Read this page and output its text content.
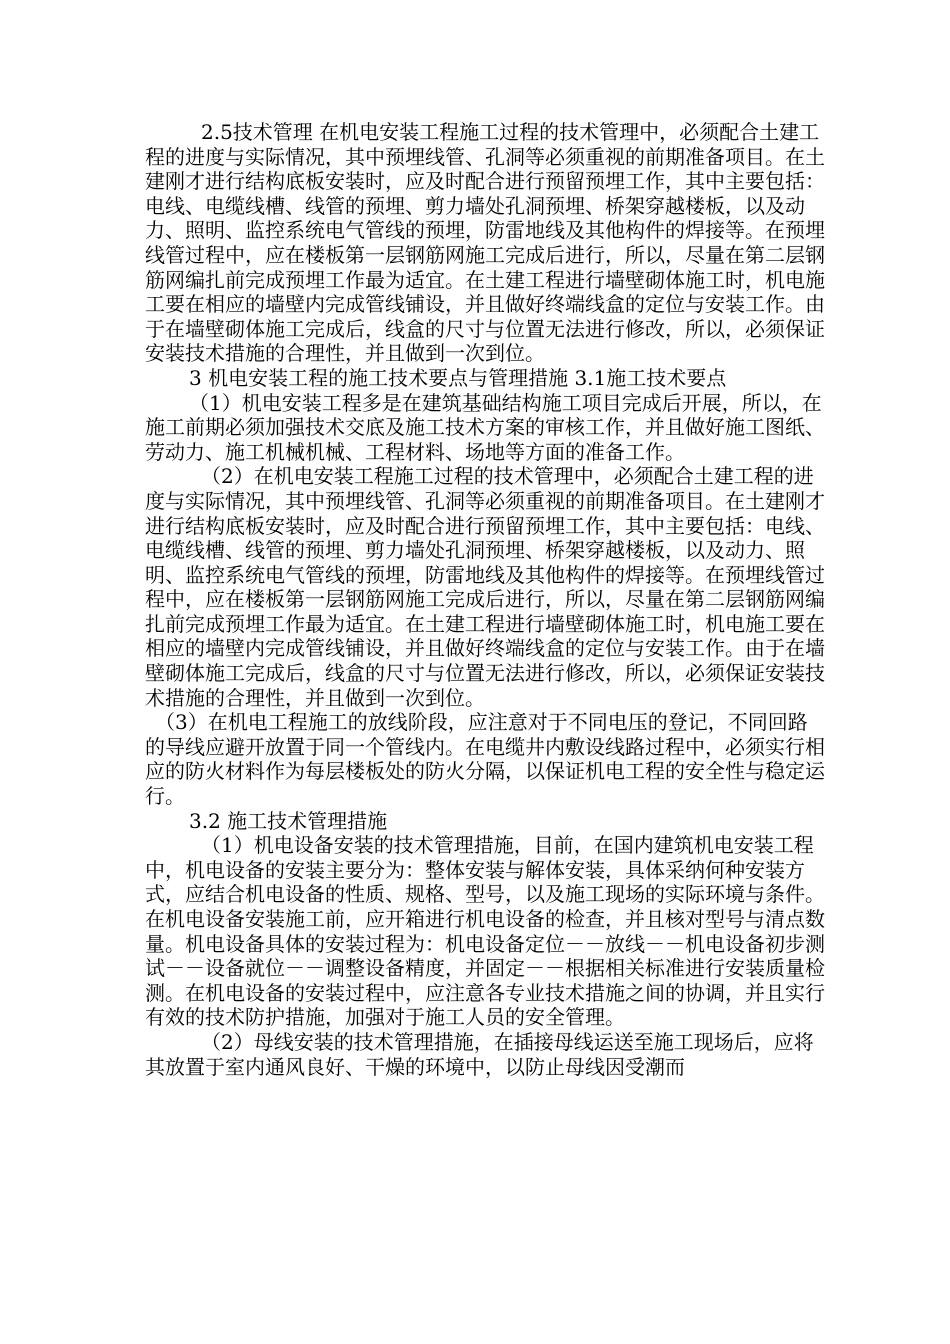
2.5技术管理 在机电安装工程施工过程的技术管理中，必须配合土建工程的进度与实际情况，其中预埋线管、孔洞等必须重视的前期准备项目。在土建刚才进行结构底板安装时，应及时配合进行预留预埋工作，其中主要包括：电线、电缆线槽、线管的预埋、剪力墙处孔洞预埋、桥架穿越楼板，以及动力、照明、监控系统电气管线的预埋，防雷地线及其他构件的焊接等。在预埋线管过程中，应在楼板第一层钢筋网施工完成后进行，所以，尽量在第二层钢筋网编扎前完成预埋工作最为适宜。在土建工程进行墙壁砌体施工时，机电施工要在相应的墙壁内完成管线铺设，并且做好终端线盒的定位与安装工作。由于在墙壁砌体施工完成后，线盒的尺寸与位置无法进行修改，所以，必须保证安装技术措施的合理性，并且做到一次到位。

3 机电安装工程的施工技术要点与管理措施 3.1施工技术要点

（1）机电安装工程多是在建筑基础结构施工项目完成后开展，所以，在施工前期必须加强技术交底及施工技术方案的审核工作，并且做好施工图纸、劳动力、施工机械机械、工程材料、场地等方面的准备工作。

（2）在机电安装工程施工过程的技术管理中，必须配合土建工程的进度与实际情况，其中预埋线管、孔洞等必须重视的前期准备项目。在土建刚才进行结构底板安装时，应及时配合进行预留预埋工作，其中主要包括：电线、电缆线槽、线管的预埋、剪力墙处孔洞预埋、桥架穿越楼板，以及动力、照明、监控系统电气管线的预埋，防雷地线及其他构件的焊接等。在预埋线管过程中，应在楼板第一层钢筋网施工完成后进行，所以，尽量在第二层钢筋网编扎前完成预埋工作最为适宜。在土建工程进行墙壁砌体施工时，机电施工要在相应的墙壁内完成管线铺设，并且做好终端线盒的定位与安装工作。由于在墙壁砌体施工完成后，线盒的尺寸与位置无法进行修改，所以，必须保证安装技术措施的合理性，并且做到一次到位。

（3）在机电工程施工的放线阶段，应注意对于不同电压的登记，不同回路的导线应避开放置于同一个管线内。在电缆井内敷设线路过程中，必须实行相应的防火材料作为每层楼板处的防火分隔，以保证机电工程的安全性与稳定运行。

3.2 施工技术管理措施

（1）机电设备安装的技术管理措施，目前，在国内建筑机电安装工程中，机电设备的安装主要分为：整体安装与解体安装，具体采纳何种安装方式，应结合机电设备的性质、规格、型号，以及施工现场的实际环境与条件。在机电设备安装施工前，应开箱进行机电设备的检查，并且核对型号与清点数量。机电设备具体的安装过程为：机电设备定位－－放线－－机电设备初步测试－－设备就位－－调整设备精度，并固定－－根据相关标准进行安装质量检测。在机电设备的安装过程中，应注意各专业技术措施之间的协调，并且实行有效的技术防护措施，加强对于施工人员的安全管理。

（2）母线安装的技术管理措施，在插接母线运送至施工现场后，应将其放置于室内通风良好、干燥的环境中，以防止母线因受潮而
